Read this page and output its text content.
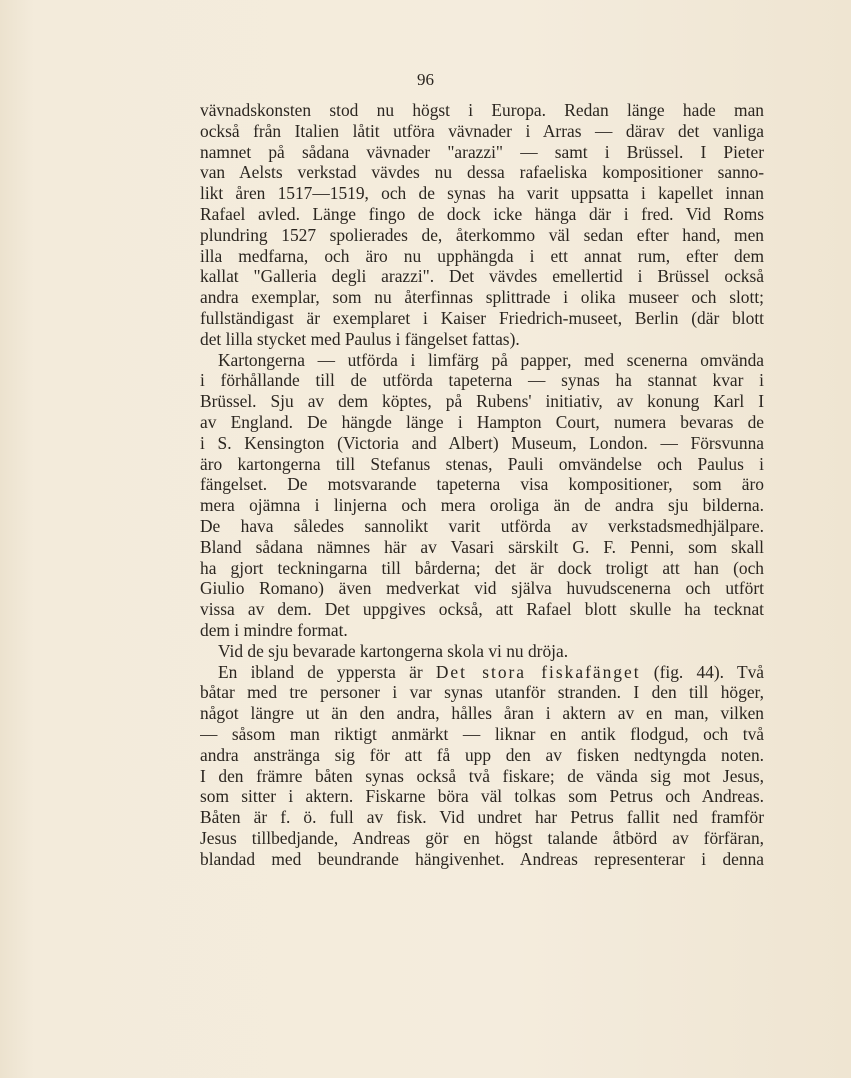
96
vävnadskonsten stod nu högst i Europa. Redan länge hade man
också från Italien låtit utföra vävnader i Arras — därav det vanliga
namnet på sådana vävnader "arazzi" — samt i Brüssel. I Pieter
van Aelsts verkstad vävdes nu dessa rafaeliska kompositioner sanno-
likt åren 1517—1519, och de synas ha varit uppsatta i kapellet innan
Rafael avled. Länge fingo de dock icke hänga där i fred. Vid Roms
plundring 1527 spolierades de, återkommo väl sedan efter hand, men
illa medfarna, och äro nu upphängda i ett annat rum, efter dem
kallat "Galleria degli arazzi". Det vävdes emellertid i Brüssel också
andra exemplar, som nu återfinnas splittrade i olika museer och slott;
fullständigast är exemplaret i Kaiser Friedrich-museet, Berlin (där blott
det lilla stycket med Paulus i fängelset fattas).
Kartongerna — utförda i limfärg på papper, med scenerna omvända
i förhållande till de utförda tapeterna — synas ha stannat kvar i
Brüssel. Sju av dem köptes, på Rubens' initiativ, av konung Karl I
av England. De hängde länge i Hampton Court, numera bevaras de
i S. Kensington (Victoria and Albert) Museum, London. — Försvunna
äro kartongerna till Stefanus stenas, Pauli omvändelse och Paulus i
fängelset. De motsvarande tapeterna visa kompositioner, som äro
mera ojämna i linjerna och mera oroliga än de andra sju bilderna.
De hava således sannolikt varit utförda av verkstadsmedhjälpare.
Bland sådana nämnes här av Vasari särskilt G. F. Penni, som skall
ha gjort teckningarna till bårderna; det är dock troligt att han (och
Giulio Romano) även medverkat vid själva huvudscenerna och utfört
vissa av dem. Det uppgives också, att Rafael blott skulle ha tecknat
dem i mindre format.
Vid de sju bevarade kartongerna skola vi nu dröja.
En ibland de yppersta är Det stora fiskafänget (fig. 44). Två
båtar med tre personer i var synas utanför stranden. I den till höger,
något längre ut än den andra, hålles åran i aktern av en man, vilken
— såsom man riktigt anmärkt — liknar en antik flodgud, och två
andra anstränga sig för att få upp den av fisken nedtyngda noten.
I den främre båten synas också två fiskare; de vända sig mot Jesus,
som sitter i aktern. Fiskarne böra väl tolkas som Petrus och Andreas.
Båten är f. ö. full av fisk. Vid undret har Petrus fallit ned framför
Jesus tillbedjande, Andreas gör en högst talande åtbörd av förfäran,
blandad med beundrande hängivenhet. Andreas representerar i denna
